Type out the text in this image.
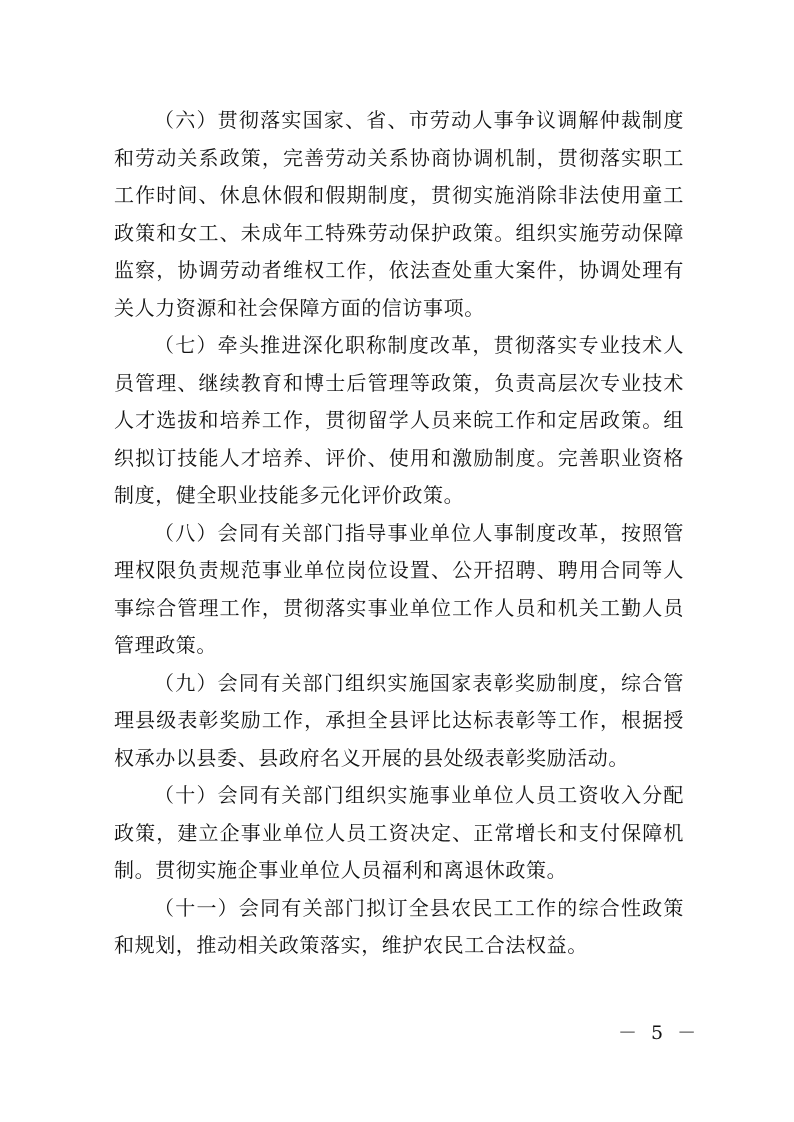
（六）贯彻落实国家、省、市劳动人事争议调解仲裁制度和劳动关系政策，完善劳动关系协商协调机制，贯彻落实职工工作时间、休息休假和假期制度，贯彻实施消除非法使用童工政策和女工、未成年工特殊劳动保护政策。组织实施劳动保障监察，协调劳动者维权工作，依法查处重大案件，协调处理有关人力资源和社会保障方面的信访事项。

（七）牵头推进深化职称制度改革，贯彻落实专业技术人员管理、继续教育和博士后管理等政策，负责高层次专业技术人才选拔和培养工作，贯彻留学人员来皖工作和定居政策。组织拟订技能人才培养、评价、使用和激励制度。完善职业资格制度，健全职业技能多元化评价政策。

（八）会同有关部门指导事业单位人事制度改革，按照管理权限负责规范事业单位岗位设置、公开招聘、聘用合同等人事综合管理工作，贯彻落实事业单位工作人员和机关工勤人员管理政策。

（九）会同有关部门组织实施国家表彰奖励制度，综合管理县级表彰奖励工作，承担全县评比达标表彰等工作，根据授权承办以县委、县政府名义开展的县处级表彰奖励活动。

（十）会同有关部门组织实施事业单位人员工资收入分配政策，建立企事业单位人员工资决定、正常增长和支付保障机制。贯彻实施企事业单位人员福利和离退休政策。

（十一）会同有关部门拟订全县农民工工作的综合性政策和规划，推动相关政策落实，维护农民工合法权益。

－ 5 －
